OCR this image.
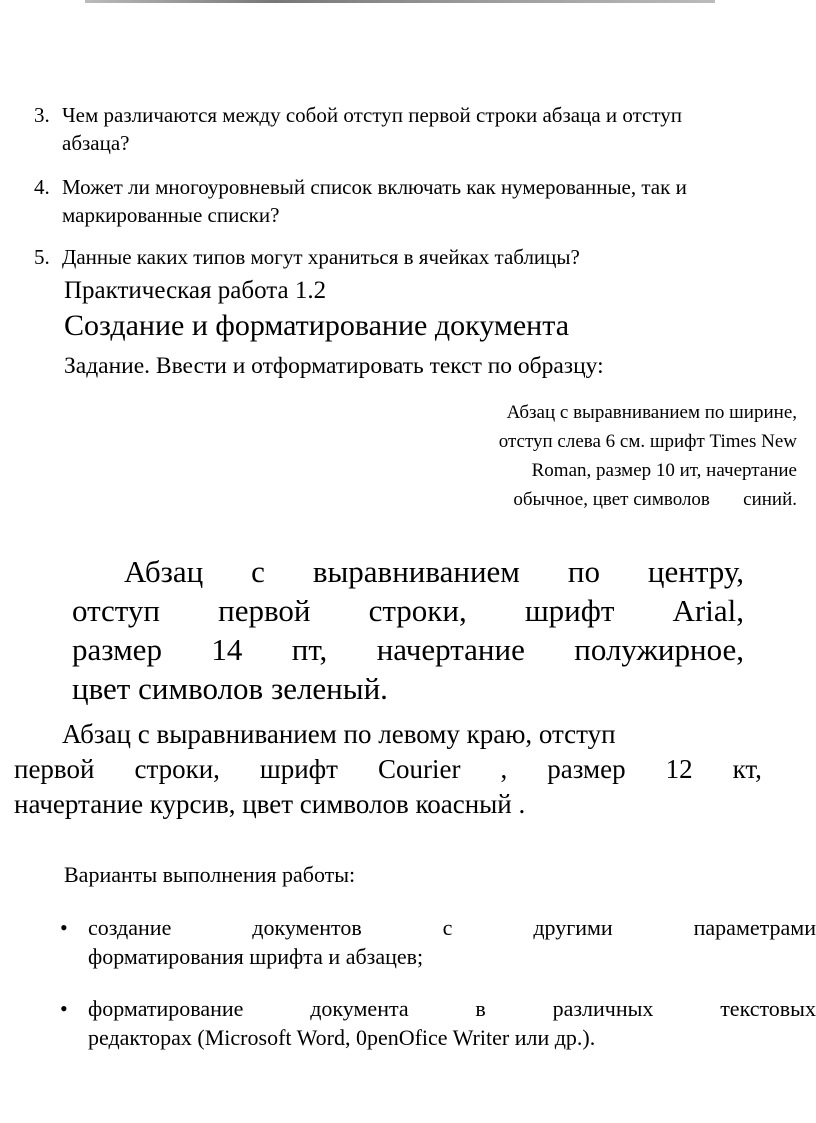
3. Чем различаются между собой отступ первой строки абзаца и отступ
абзаца?
4. Может ли многоуровневый список включать как нумерованные, так и
маркированные списки?
5. Данные каких типов могут храниться в ячейках таблицы?
Практическая работа 1.2
Создание и форматирование документа
Задание. Ввести и отформатировать текст по образцу:
Абзац с выравниванием по ширине,
отступ слева 6 см. шрифт Times New
Roman, размер 10 ит, начертание
обычное, цвет символов       синий.
Абзац с выравниванием по центру,
отступ первой строки, шрифт Arial,
размер 14 пт, начертание полужирное,
цвет символов зеленый.
Абзац с выравниванием по левому краю, отступ
первой строки, шрифт Courier , размер 12 кт,
начертание курсив, цвет символов коасный .
Варианты выполнения работы:
• создание	документов	с	другими	параметрами
форматирования шрифта и абзацев;
• форматирование	документа	в	различных	текстовых
редакторах (Microsoft Word, 0penOfice Writer или др.).
